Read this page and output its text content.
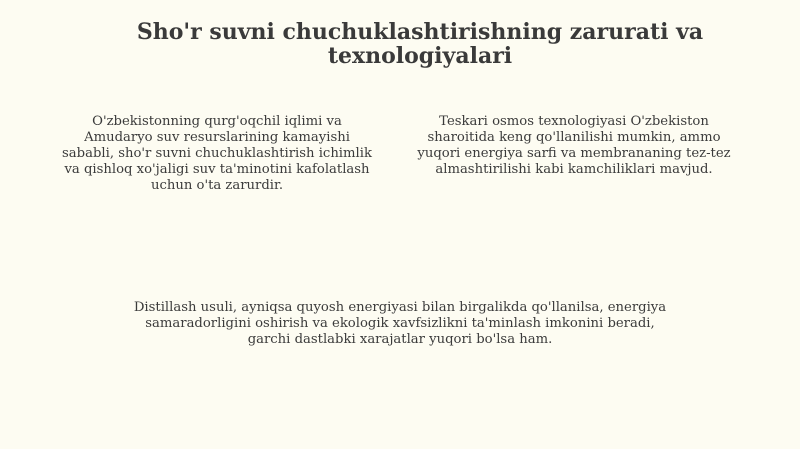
Sho'r suvni chuchuklashtirishning zarurati va texnologiyalari

O'zbekistonning qurg'oqchil iqlimi va Amudaryo suv resurslarining kamayishi sababli, sho'r suvni chuchuklashtirish ichimlik va qishloq xo'jaligi suv ta'minotini kafolatlash uchun o'ta zarurdir.

Teskari osmos texnologiyasi O'zbekiston sharoitida keng qo'llanilishi mumkin, ammo yuqori energiya sarfi va membrananing tez-tez almashtirilishi kabi kamchiliklari mavjud.

Distillash usuli, ayniqsa quyosh energiyasi bilan birgalikda qo'llanilsa, energiya samaradorligini oshirish va ekologik xavfsizlikni ta'minlash imkonini beradi, garchi dastlabki xarajatlar yuqori bo'lsa ham.
